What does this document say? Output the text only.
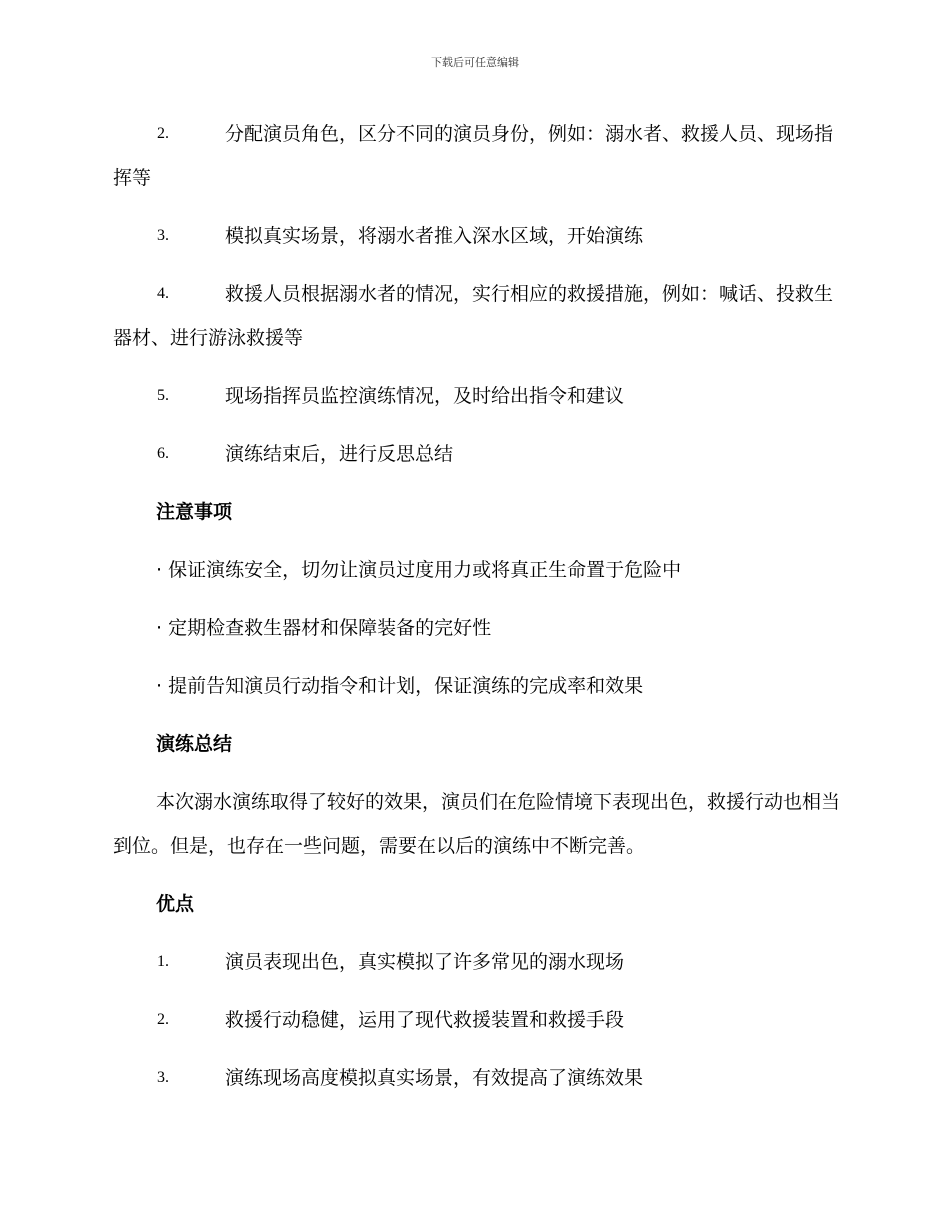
下载后可任意编辑
2.	分配演员角色，区分不同的演员身份，例如：溺水者、救援人员、现场指挥等
3.	模拟真实场景，将溺水者推入深水区域，开始演练
4.	救援人员根据溺水者的情况，实行相应的救援措施，例如：喊话、投救生器材、进行游泳救援等
5.	现场指挥员监控演练情况，及时给出指令和建议
6.	演练结束后，进行反思总结
注意事项
· 保证演练安全，切勿让演员过度用力或将真正生命置于危险中
· 定期检查救生器材和保障装备的完好性
· 提前告知演员行动指令和计划，保证演练的完成率和效果
演练总结
本次溺水演练取得了较好的效果，演员们在危险情境下表现出色，救援行动也相当到位。但是，也存在一些问题，需要在以后的演练中不断完善。
优点
1.	演员表现出色，真实模拟了许多常见的溺水现场
2.	救援行动稳健，运用了现代救援装置和救援手段
3.	演练现场高度模拟真实场景，有效提高了演练效果
